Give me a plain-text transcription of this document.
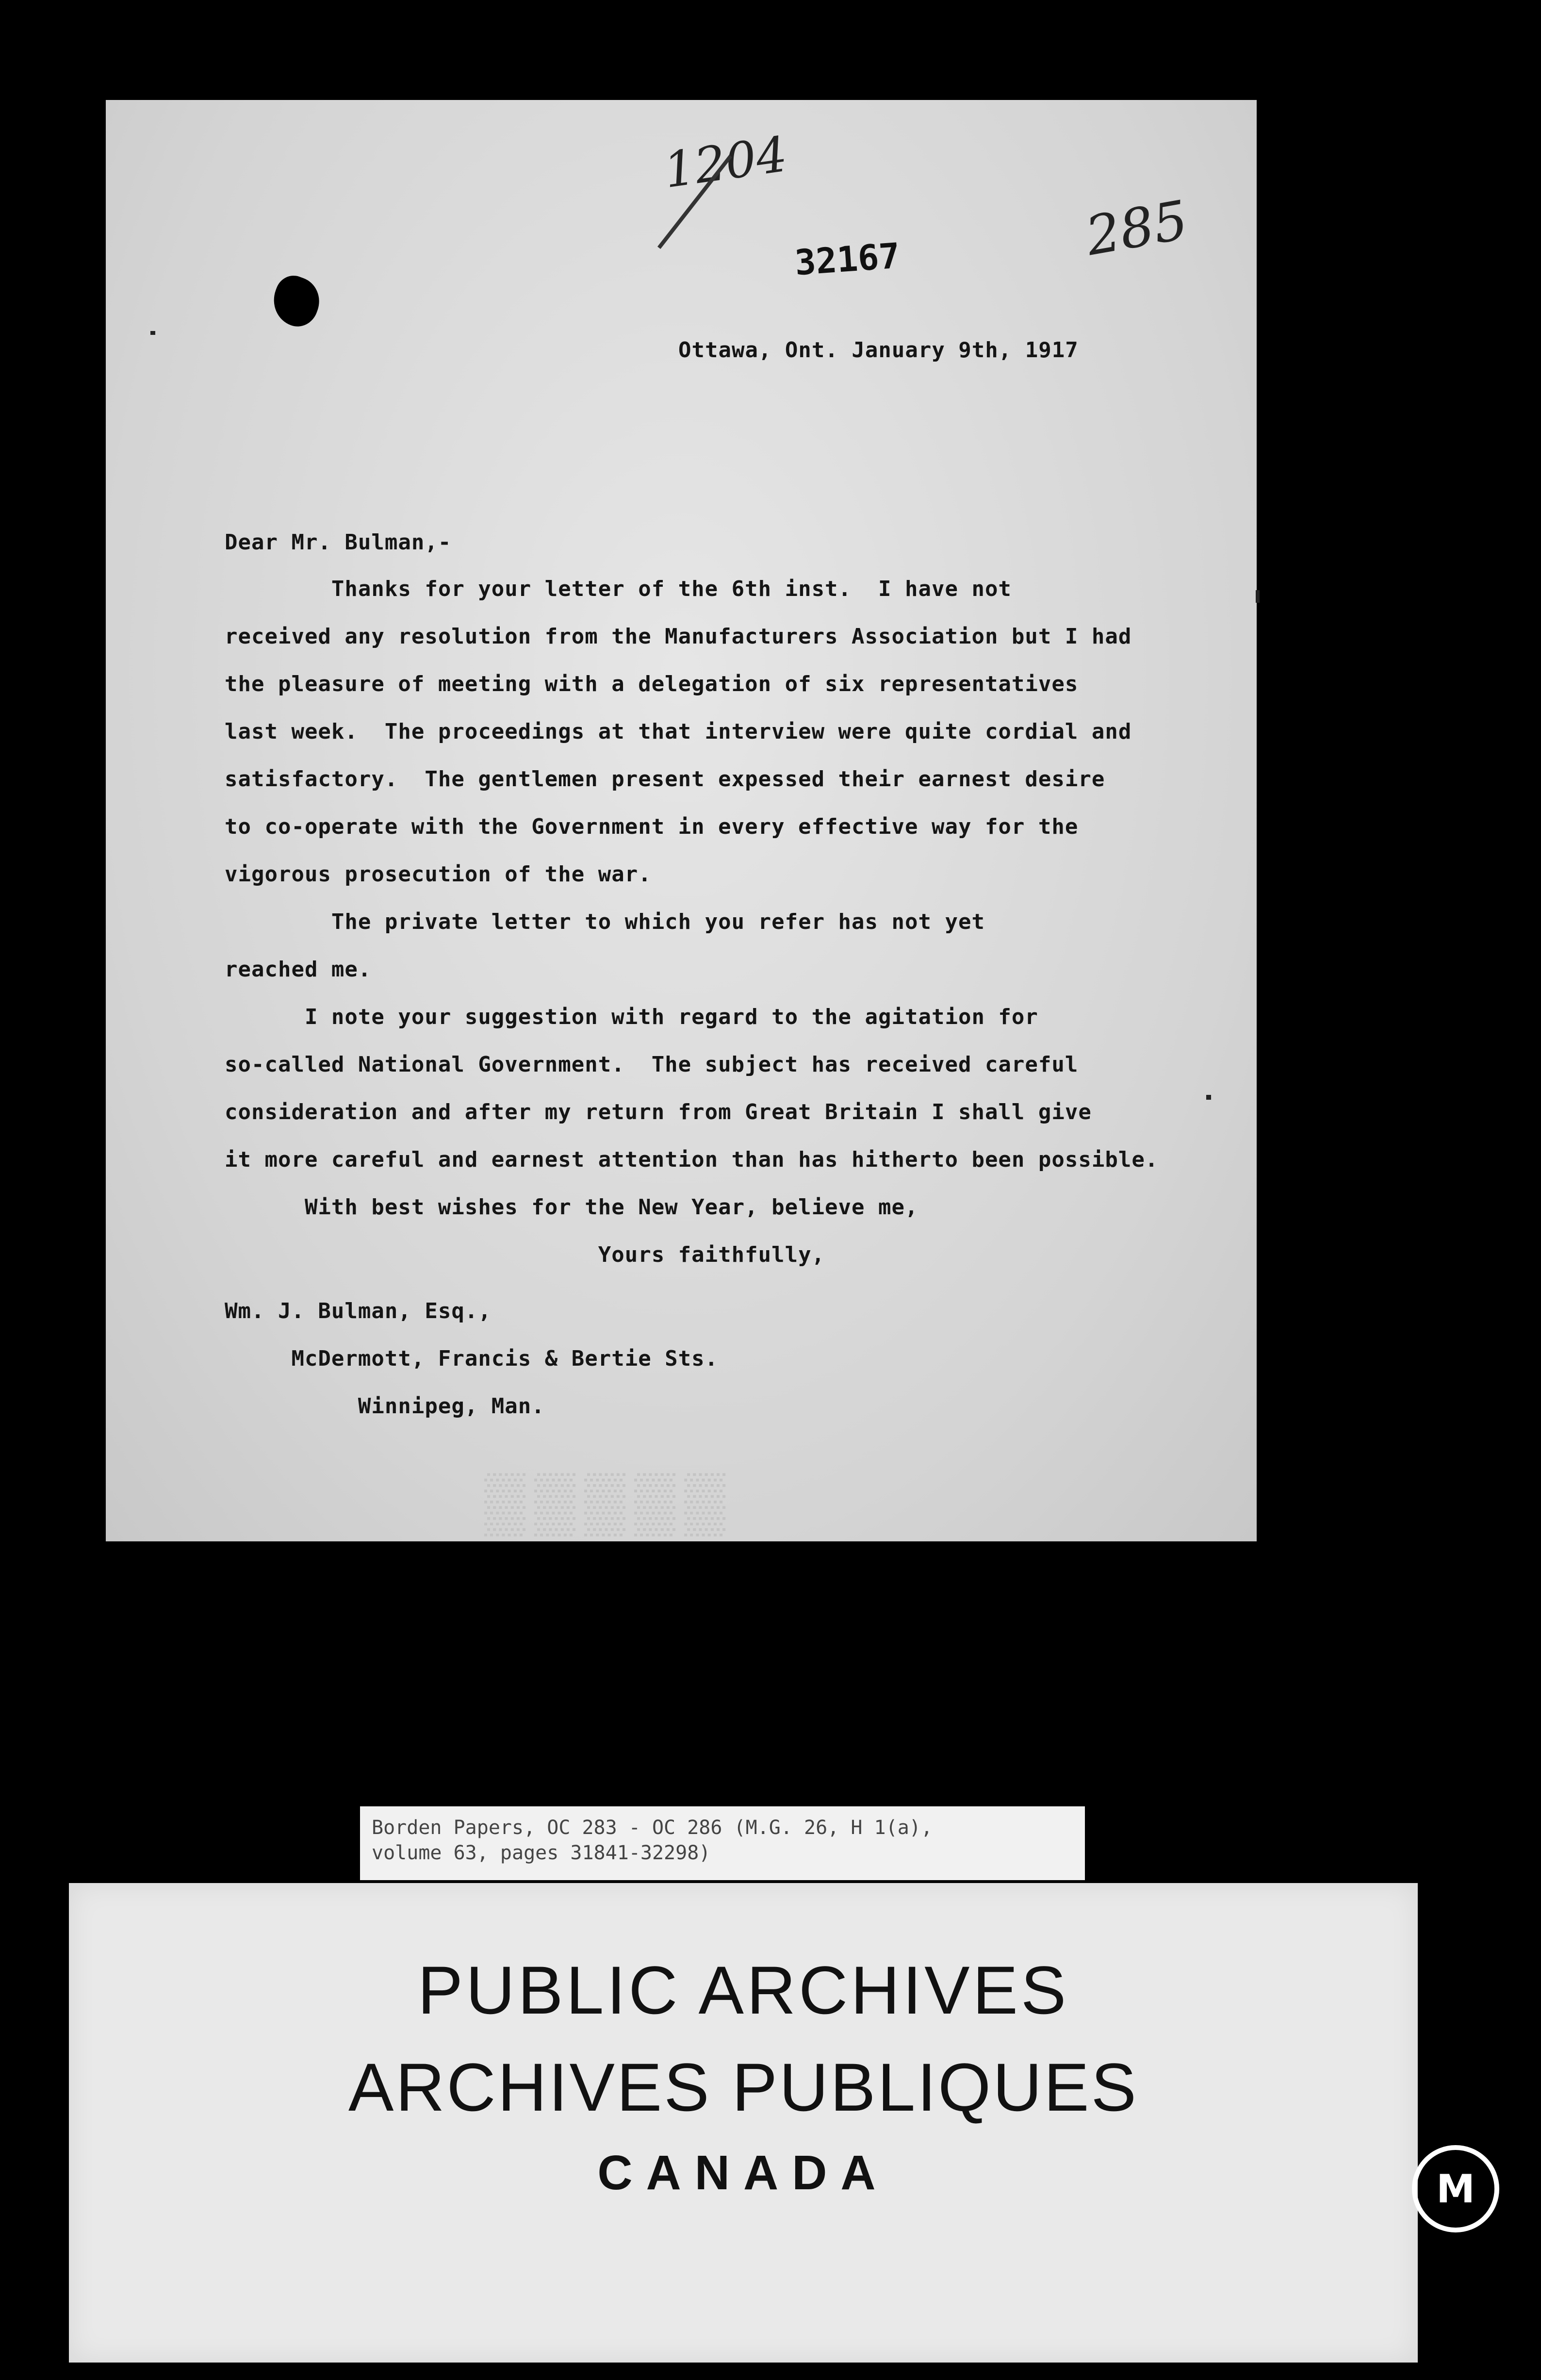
1204
285
32167

Ottawa, Ont. January 9th, 1917

Dear Mr. Bulman,-

Thanks for your letter of the 6th inst.  I have not

received any resolution from the Manufacturers Association but I had

the pleasure of meeting with a delegation of six representatives

last week.  The proceedings at that interview were quite cordial and

satisfactory.  The gentlemen present expessed their earnest desire

to co-operate with the Government in every effective way for the

vigorous prosecution of the war.

The private letter to which you refer has not yet

reached me.

I note your suggestion with regard to the agitation for

so-called National Government.  The subject has received careful

consideration and after my return from Great Britain I shall give

it more careful and earnest attention than has hitherto been possible.

With best wishes for the New Year, believe me,

Yours faithfully,

Wm. J. Bulman, Esq.,

McDermott, Francis & Bertie Sts.

Winnipeg, Man.

▒▒▒▒▒
Borden Papers, OC 283 - OC 286 (M.G. 26, H 1(a),
volume 63, pages 31841-32298)
PUBLIC ARCHIVES
ARCHIVES PUBLIQUES
CANADA	M
